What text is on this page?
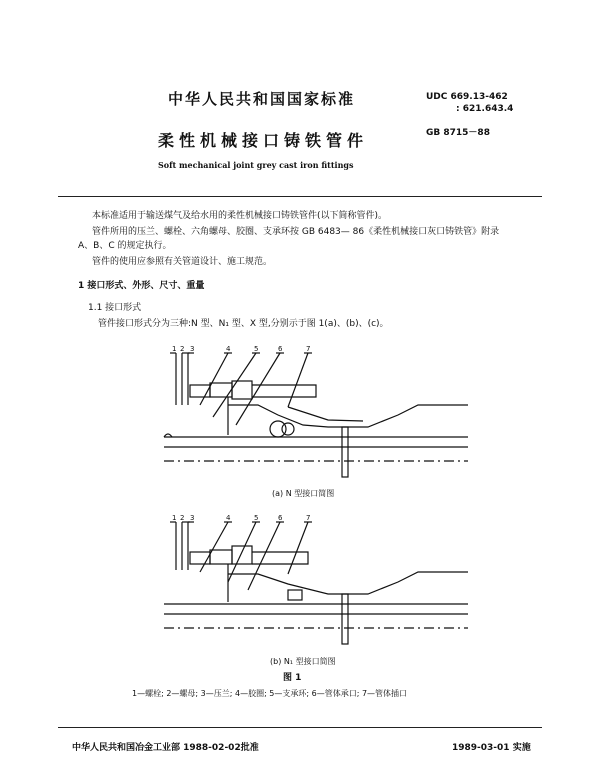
中华人民共和国国家标准	UDC 669.13-462
: 621.643.4
柔性机械接口铸铁管件	GB 8715－88
Soft mechanical joint grey cast iron fittings
本标准适用于输送煤气及给水用的柔性机械接口铸铁管件(以下简称管件)。
管件所用的压兰、螺栓、六角螺母、胶圈、支承环按 GB 6483— 86《柔性机械接口灰口铸铁管》附录
A、B、C 的规定执行。
管件的使用应参照有关管道设计、施工规范。
1 接口形式、外形、尺寸、重量
1.1 接口形式
管件接口形式分为三种:N 型、N₁ 型、X 型,分别示于图 1(a)、(b)、(c)。
1 2 3	4	5	6	7
(a) N 型接口简图
1 2 3	4	5	6	7
(b) N₁ 型接口简图
图 1
1—螺栓; 2—螺母; 3—压兰; 4—胶圈; 5—支承环; 6—管体承口; 7—管体插口
中华人民共和国冶金工业部 1988-02-02批准	1989-03-01 实施
